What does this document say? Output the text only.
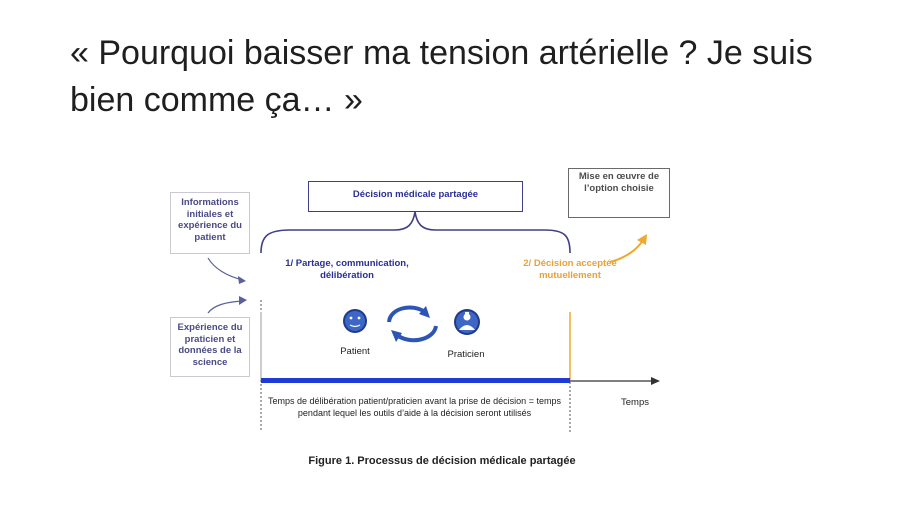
« Pourquoi baisser ma tension artérielle ? Je suis bien comme ça… »
Informations initiales et expérience du patient
Expérience du praticien et données de la science
Décision médicale partagée
Mise en œuvre de l’option choisie
1/ Partage, communication, délibération
2/ Décision acceptée mutuellement
Patient	Praticien
Temps
Temps de délibération patient/praticien avant la prise de décision = temps pendant lequel les outils d’aide à la décision seront utilisés
Figure 1. Processus de décision médicale partagée
